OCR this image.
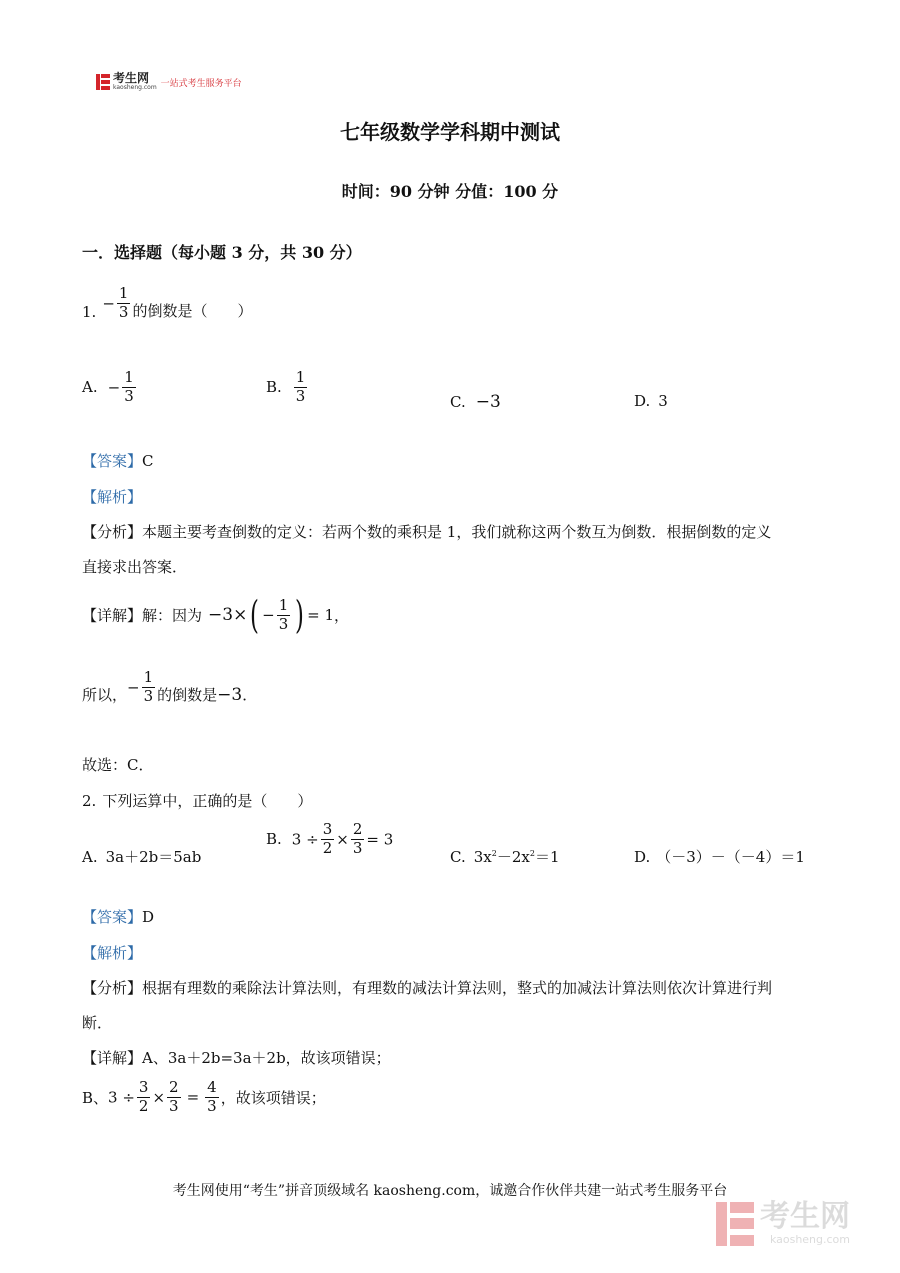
考生网
kaosheng.com 一站式考生服务平台
七年级数学学科期中测试
时间：90 分钟 分值：100 分
一．选择题（每小题 3 分，共 30 分）
1. − $\frac{1}{3}$ 的倒数是（　　）
A. − $\frac{1}{3}$	B. $\frac{1}{3}$	C. −3	D. 3
【答案】C
【解析】
【分析】本题主要考查倒数的定义：若两个数的乘积是 1，我们就称这两个数互为倒数．根据倒数的定义
直接求出答案．
【详解】解：因为 $-3\times( - \frac{1}{3}$ ) = 1，
所以，− $\frac{1}{3}$ 的倒数是−3．
故选：C．
2. 下列运算中，正确的是（　　）
A. 3a＋2b＝5ab
B. $3 \div \frac{3}{2} \times \frac{2}{3} = 3$
C. $3x^2-2x^2=1$	D. （－3）－（－4）＝1
【答案】D
【解析】
【分析】根据有理数的乘除法计算法则，有理数的减法计算法则，整式的加减法计算法则依次计算进行判
断．
【详解】A、3a＋2b=3a＋2b，故该项错误；
B、$3 \div \frac{3}{2} \times \frac{2}{3} = \frac{4}{3}$ ，故该项错误；
考生网使用“考生”拼音顶级域名 kaosheng.com，诚邀合作伙伴共建一站式考生服务平台
考生网
kaosheng.com
